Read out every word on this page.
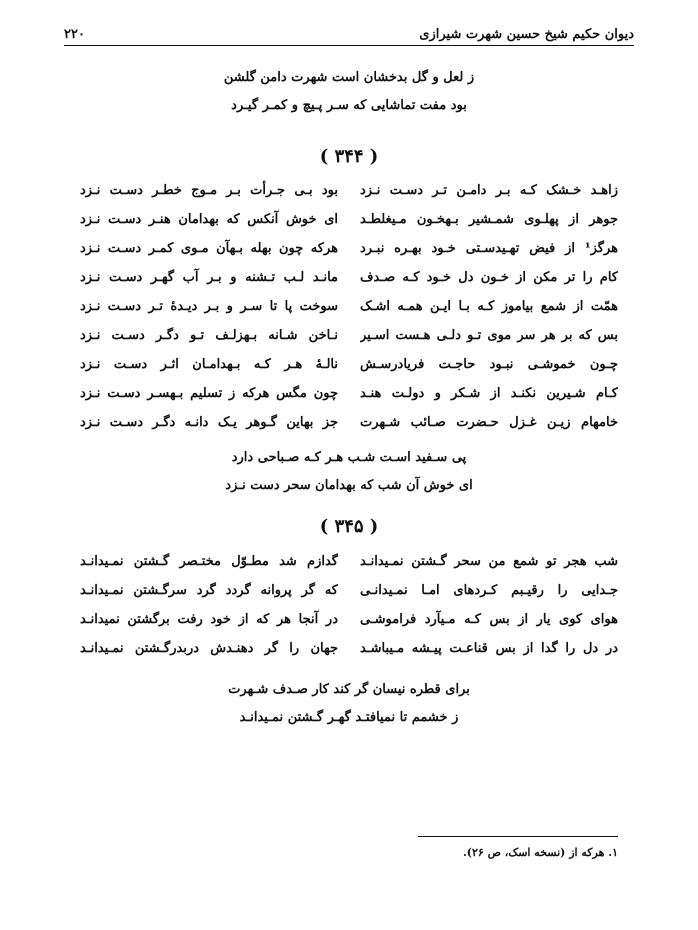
۲۲۰	دیوان حکیم شیخ حسین شهرت شیرازی
ز لعل و گل بدخشان است شهرت دامن گلشن
بود مفت تماشایی که سـر پـیچ و کمـر گیـرد
( ۳۴۴ )
زاهـد خـشک کـه بـر دامـن تـر دسـت نـزد
بود بـی جـرأت بـر مـوج خطـر دسـت نـزد
جوهر از پهلـوی شمـشیر بـهخـون مـیغلطـد
ای خوش آنکس که بهدامان هنـر دسـت نـزد
هرگز¹ از فیض تهـیدسـتی خـود بهـره نبـرد
هرکه چون بهله بـهآن مـوی کمـر دسـت نـزد
کام را تر مکن از خـون دل خـود کـه صـدف
مانـد لـب تـشنه و بـر آب گهـر دسـت نـزد
همّت از شمع بیاموز کـه بـا ایـن همـه اشـک
سوخت پا تا سـر و بـر دیـدۀ تـر دسـت نـزد
بس که بر هر سر موی تـو دلـی هـست اسـیر
نـاخن شـانه بـهزلـف تـو دگـر دسـت نـزد
چـون خموشـی نبـود حاجـت فریادرسـش
نالـۀ هـر کـه بـهدامـان اثـر دسـت نـزد
کـام شـیرین نکنـد از شـکر و دولـت هنـد
چون مگس هرکه ز تسلیم بـهسـر دسـت نـزد
خامهام زیـن غـزل حـضرت صـائب شـهرت
جز بهاین گـوهر یـک دانـه دگـر دسـت نـزد
پی سـفید اسـت شـب هـر کـه صـباحی دارد
ای خوش آن شب که بهدامان سحر دست نـزد
( ۳۴۵ )
شب هجر تو شمع من سحر گـشتن نمـیدانـد
گدازم شد مطـوّل مختـصر گـشتن نمـیدانـد
جـدایی را رقیـبم کـردهای امـا نمـیدانـی
که گر پروانه گردد گرد سرگـشتن نمـیدانـد
هوای کوی یار از بس کـه مـیآرد فراموشـی
در آنجا هر که از خود رفت برگشتن نمیدانـد
در دل را گدا از بس قناعـت پیـشه مـیباشـد
جهان را گر دهنـدش دربدرگـشتن نمـیدانـد
برای قطره نیسان گر کند کار صـدف شـهرت
ز خشمم تا نمیافتـد گهـر گـشتن نمـیدانـد
۱. هرکه از (نسخه اسک، ص ۲۶).
